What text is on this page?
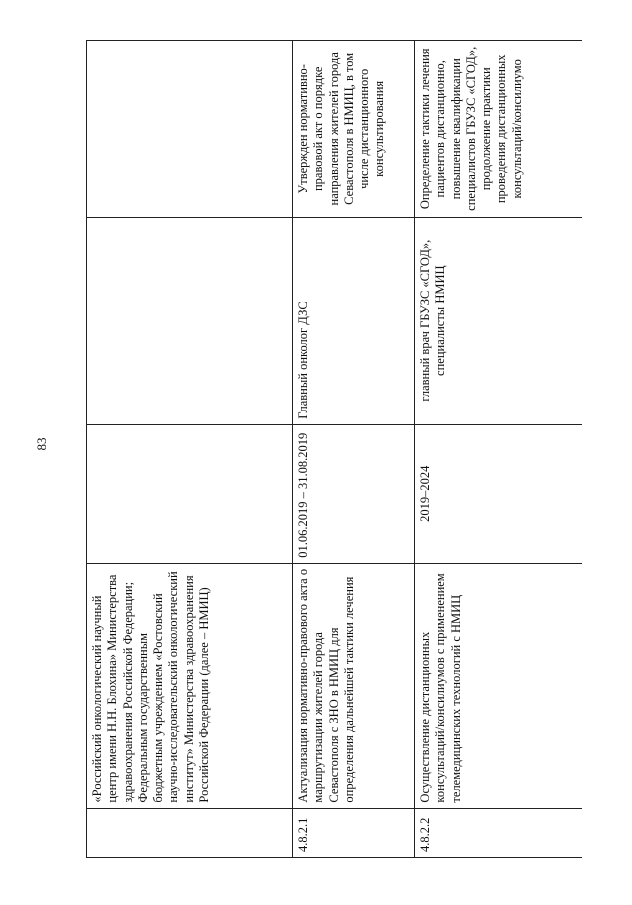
83
	«Российский онкологический научный центр имени Н.Н. Блохина» Министерства здравоохранения Российской Федерации;
Федеральным государственным бюджетным учреждением «Ростовский научно-исследовательский онкологический институт» Министерства здравоохранения Российской Федерации (далее – НМИЦ)			
4.8.2.1	Актуализация нормативно-правового акта о маршрутизации жителей города Севастополя с ЗНО в НМИЦ для определения дальнейшей тактики лечения	01.06.2019 – 31.08.2019	Главный онколог ДЗС	Утвержден нормативно-правовой акт о порядке направления жителей города Севастополя в НМИЦ, в том числе дистанционного консультирования
4.8.2.2	Осуществление дистанционных консультаций/консилиумов с применением телемедицинских технологий с НМИЦ	2019–2024	главный врач ГБУЗС «СГОД», специалисты НМИЦ	Определение тактики лечения пациентов дистанционно, повышение квалификации специалистов ГБУЗС «СГОД», продолжение практики проведения дистанционных консультаций/консилиумо
